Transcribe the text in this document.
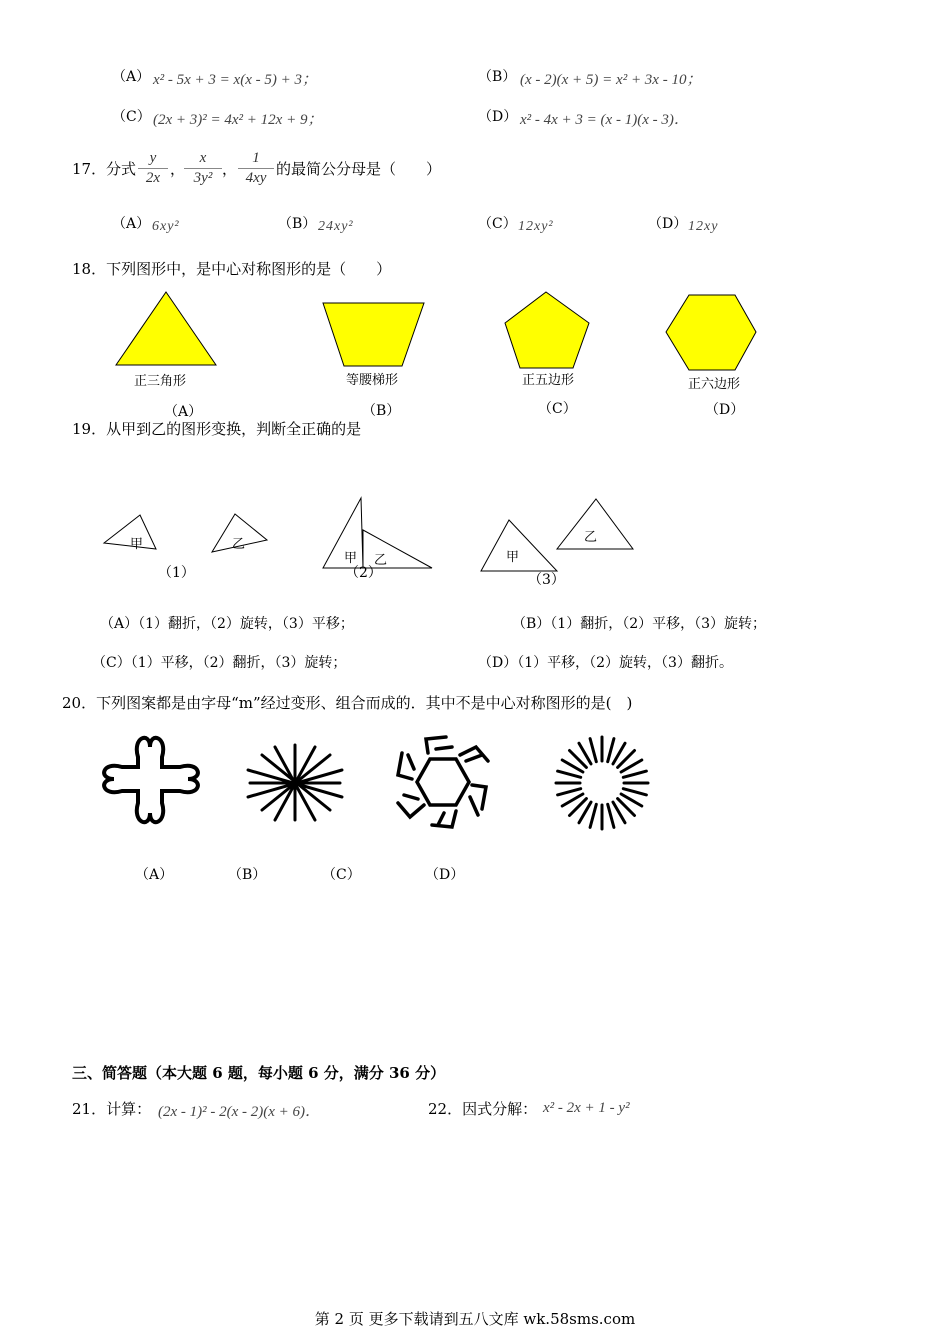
（A） x² - 5x + 3 = x(x - 5) + 3；	（B） (x - 2)(x + 5) = x² + 3x - 10；
（C） (2x + 3)² = 4x² + 12x + 9；	（D） x² - 4x + 3 = (x - 1)(x - 3)．
17． 分式
y
2x ，
x
3y² ，
1
4xy 的最简公分母是（　　）
（A） 6xy²	（B） 24xy²	（C） 12xy²	（D） 12xy
18．下列图形中，是中心对称图形的是（　　）
正三角形	等腰梯形	正五边形	正六边形
（A）	（B）	（C）	（D）
19．从甲到乙的图形变换，判断全正确的是
甲	乙
甲 乙	甲
乙
（1）	（2）	（3）
（A）（1）翻折，（2）旋转，（3）平移；	（B）（1）翻折，（2）平移，（3）旋转；
（C）（1）平移，（2）翻折，（3）旋转；	（D）（1）平移，（2）旋转，（3）翻折。
20．下列图案都是由字母“m”经过变形、组合而成的．其中不是中心对称图形的是(　)
（A）	（B）	（C）	（D）
三、简答题（本大题 6 题，每小题 6 分，满分 36 分）
21．计算： (2x - 1)² - 2(x - 2)(x + 6)．	22．因式分解： x² - 2x + 1 - y²
第 2 页 更多下载请到五八文库 wk.58sms.com
